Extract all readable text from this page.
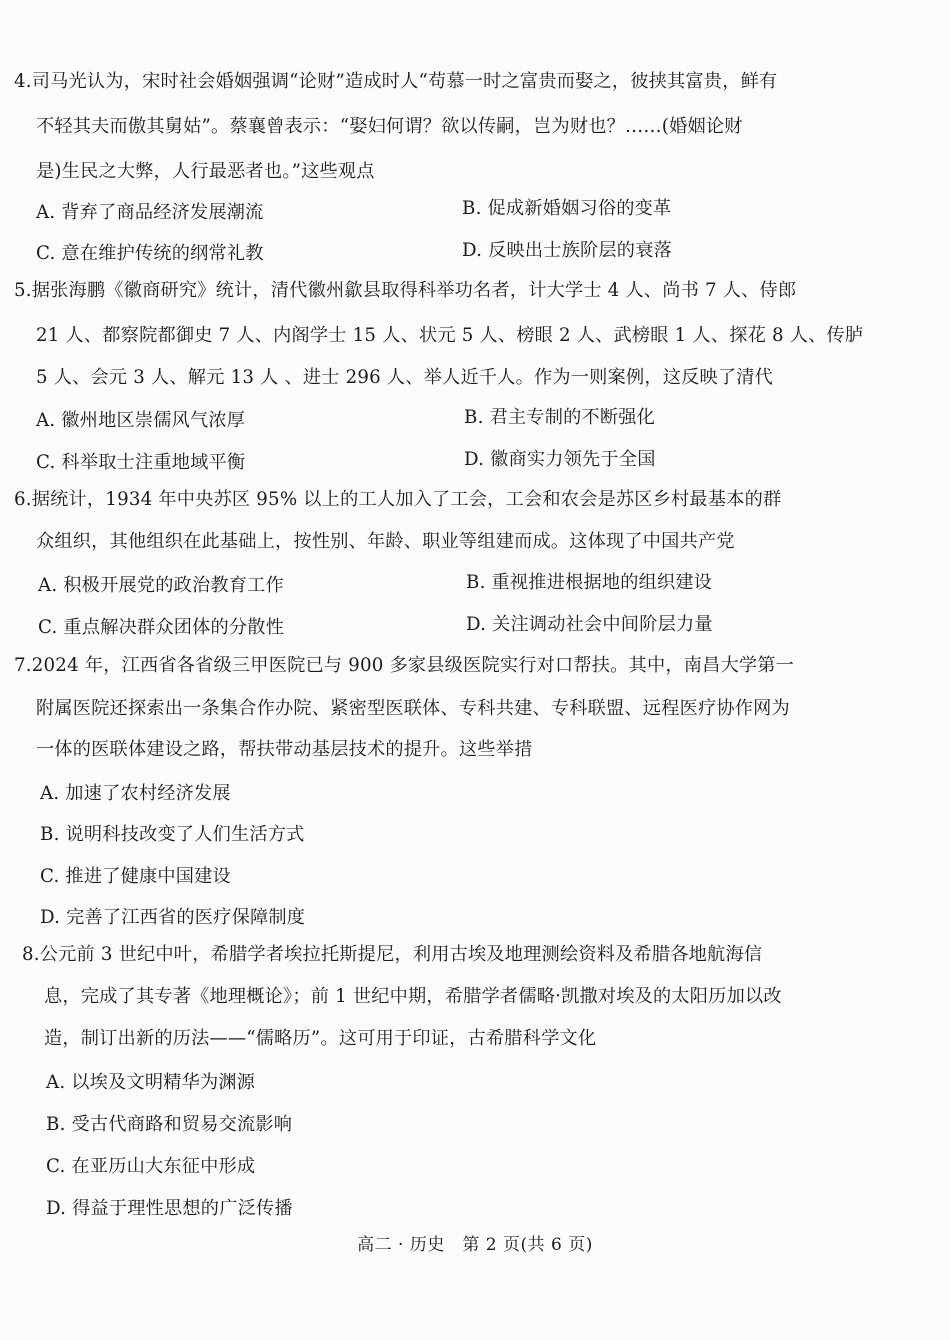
4.司马光认为，宋时社会婚姻强调“论财”造成时人“苟慕一时之富贵而娶之，彼挟其富贵，鲜有
不轻其夫而傲其舅姑”。蔡襄曾表示：“娶妇何谓？欲以传嗣，岂为财也？……(婚姻论财
是)生民之大弊，人行最恶者也。”这些观点
A. 背弃了商品经济发展潮流	B. 促成新婚姻习俗的变革
C. 意在维护传统的纲常礼教	D. 反映出士族阶层的衰落
5.据张海鹏《徽商研究》统计，清代徽州歙县取得科举功名者，计大学士 4 人、尚书 7 人、侍郎
21 人、都察院都御史 7 人、内阁学士 15 人、状元 5 人、榜眼 2 人、武榜眼 1 人、探花 8 人、传胪
5 人、会元 3 人、解元 13 人 、进士 296 人、举人近千人。作为一则案例，这反映了清代
A. 徽州地区崇儒风气浓厚	B. 君主专制的不断强化
C. 科举取士注重地域平衡	D. 徽商实力领先于全国
6.据统计，1934 年中央苏区 95% 以上的工人加入了工会，工会和农会是苏区乡村最基本的群
众组织，其他组织在此基础上，按性别、年龄、职业等组建而成。这体现了中国共产党
A. 积极开展党的政治教育工作	B. 重视推进根据地的组织建设
C. 重点解决群众团体的分散性	D. 关注调动社会中间阶层力量
7.2024 年，江西省各省级三甲医院已与 900 多家县级医院实行对口帮扶。其中，南昌大学第一
附属医院还探索出一条集合作办院、紧密型医联体、专科共建、专科联盟、远程医疗协作网为
一体的医联体建设之路，帮扶带动基层技术的提升。这些举措
A. 加速了农村经济发展
B. 说明科技改变了人们生活方式
C. 推进了健康中国建设
D. 完善了江西省的医疗保障制度
8.公元前 3 世纪中叶，希腊学者埃拉托斯提尼，利用古埃及地理测绘资料及希腊各地航海信
息，完成了其专著《地理概论》；前 1 世纪中期，希腊学者儒略·凯撒对埃及的太阳历加以改
造，制订出新的历法——“儒略历”。这可用于印证，古希腊科学文化
A. 以埃及文明精华为渊源
B. 受古代商路和贸易交流影响
C. 在亚历山大东征中形成
D. 得益于理性思想的广泛传播
高二 · 历史　第 2 页(共 6 页)
